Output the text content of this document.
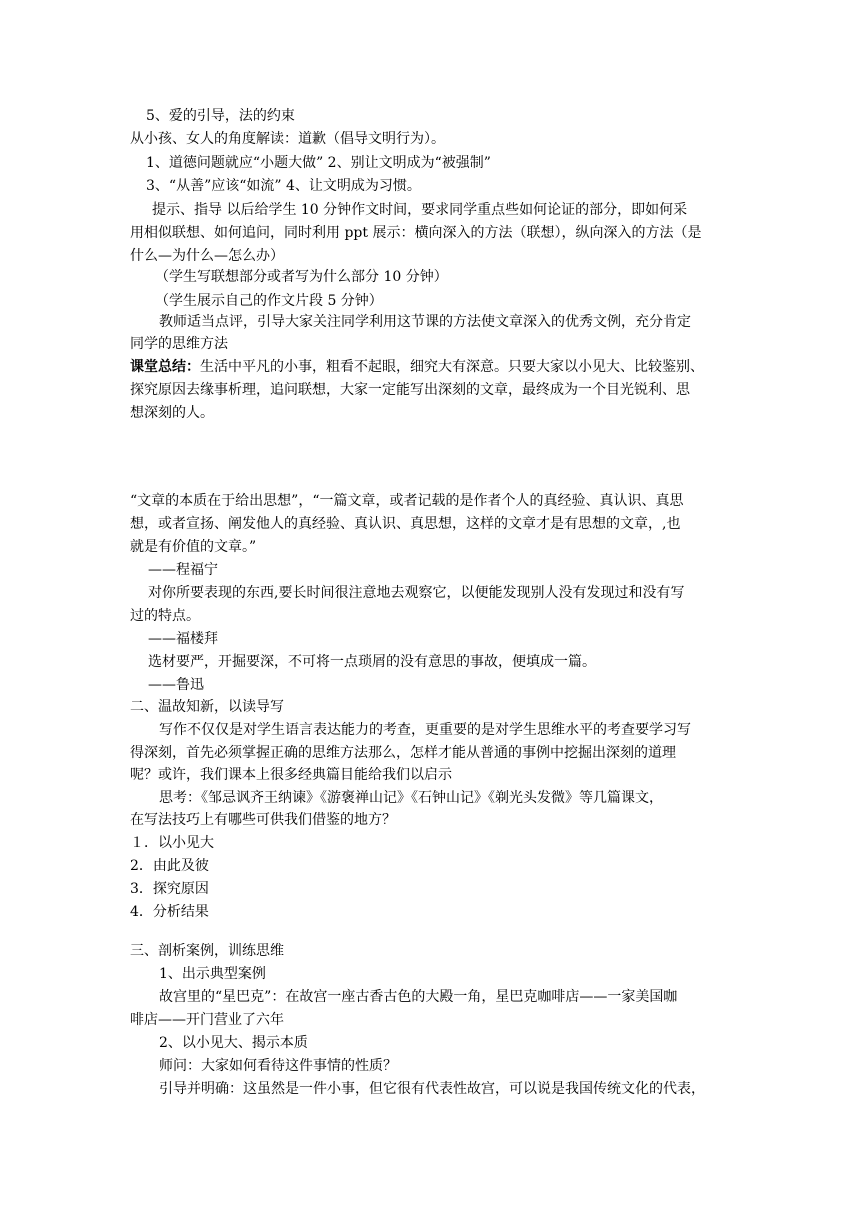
5、爱的引导，法的约束
从小孩、女人的角度解读：道歉（倡导文明行为）。
1、道德问题就应“小题大做” 2、别让文明成为“被强制”
3、“从善”应该“如流” 4、让文明成为习惯。
提示、指导 以后给学生 10 分钟作文时间，要求同学重点些如何论证的部分，即如何采
用相似联想、如何追问，同时利用 ppt 展示：横向深入的方法（联想），纵向深入的方法（是
什么—为什么—怎么办）
（学生写联想部分或者写为什么部分 10 分钟）
（学生展示自己的作文片段 5 分钟）
教师适当点评，引导大家关注同学利用这节课的方法使文章深入的优秀文例，充分肯定
同学的思维方法
课堂总结：生活中平凡的小事，粗看不起眼，细究大有深意。只要大家以小见大、比较鉴别、
探究原因去缘事析理，追问联想，大家一定能写出深刻的文章，最终成为一个目光锐利、思
想深刻的人。
“文章的本质在于给出思想”，“一篇文章，或者记载的是作者个人的真经验、真认识、真思
想，或者宣扬、阐发他人的真经验、真认识、真思想，这样的文章才是有思想的文章，,也
就是有价值的文章。”
——程福宁
对你所要表现的东西,要长时间很注意地去观察它，以便能发现别人没有发现过和没有写
过的特点。
——福楼拜
选材要严，开掘要深，不可将一点琐屑的没有意思的事故，便填成一篇。
——鲁迅
二、温故知新，以读导写
写作不仅仅是对学生语言表达能力的考查，更重要的是对学生思维水平的考查要学习写
得深刻，首先必须掌握正确的思维方法那么，怎样才能从普通的事例中挖掘出深刻的道理
呢？或许，我们课本上很多经典篇目能给我们以启示
思考：《邹忌讽齐王纳谏》《游褒禅山记》《石钟山记》《剃光头发微》等几篇课文，
在写法技巧上有哪些可供我们借鉴的地方？
１．以小见大
2．由此及彼
3．探究原因
4．分析结果
三、剖析案例，训练思维
1、出示典型案例
故宫里的“星巴克”：在故宫一座古香古色的大殿一角，星巴克咖啡店——一家美国咖
啡店——开门营业了六年
2、以小见大、揭示本质
师问：大家如何看待这件事情的性质？
引导并明确：这虽然是一件小事，但它很有代表性故宫，可以说是我国传统文化的代表，
